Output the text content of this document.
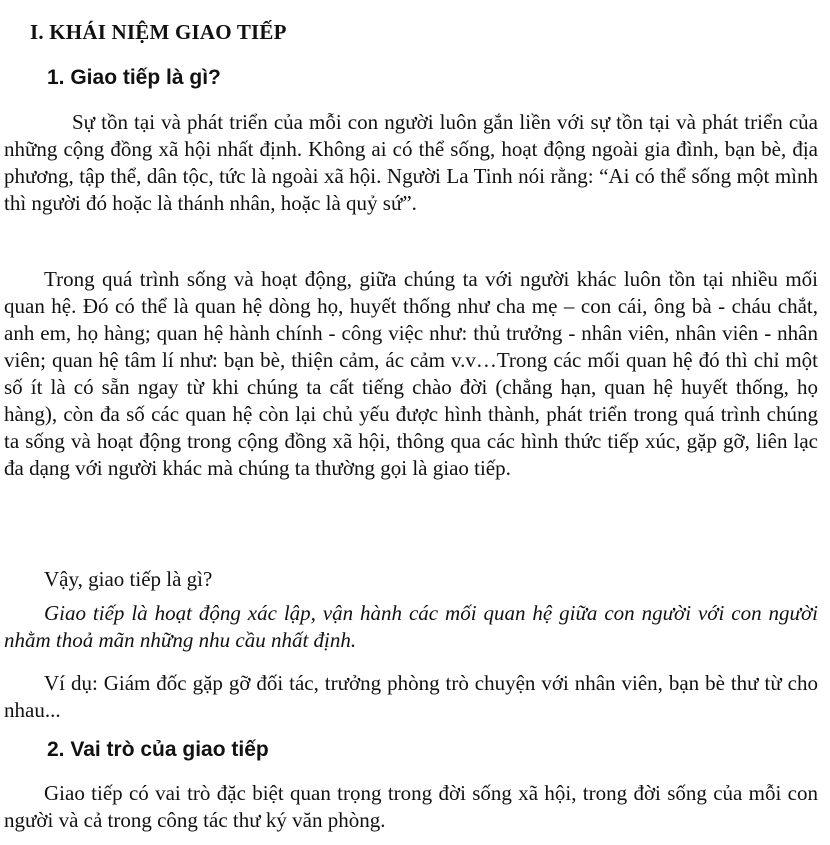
I. KHÁI NIỆM GIAO TIẾP
1. Giao tiếp là gì?
Sự tồn tại và phát triển của mỗi con người luôn gắn liền với sự tồn tại và phát triển của những cộng đồng xã hội nhất định. Không ai có thể sống, hoạt động ngoài gia đình, bạn bè, địa phương, tập thể, dân tộc, tức là ngoài xã hội. Người La Tinh nói rằng: “Ai có thể sống một mình thì người đó hoặc là thánh nhân, hoặc là quỷ sứ”.
Trong quá trình sống và hoạt động, giữa chúng ta với người khác luôn tồn tại nhiều mối quan hệ. Đó có thể là quan hệ dòng họ, huyết thống như cha mẹ – con cái, ông bà - cháu chắt, anh em, họ hàng; quan hệ hành chính - công việc như: thủ trưởng - nhân viên, nhân viên - nhân viên; quan hệ tâm lí như: bạn bè, thiện cảm, ác cảm v.v…Trong các mối quan hệ đó thì chỉ một số ít là có sẵn ngay từ khi chúng ta cất tiếng chào đời (chẳng hạn, quan hệ huyết thống, họ hàng), còn đa số các quan hệ còn lại chủ yếu được hình thành, phát triển trong quá trình chúng ta sống và hoạt động trong cộng đồng xã hội, thông qua các hình thức tiếp xúc, gặp gỡ, liên lạc đa dạng với người khác mà chúng ta thường gọi là giao tiếp.
Vậy, giao tiếp là gì?
Giao tiếp là hoạt động xác lập, vận hành các mối quan hệ giữa con người với con người nhằm thoả mãn những nhu cầu nhất định.
Ví dụ: Giám đốc gặp gỡ đối tác, trưởng phòng trò chuyện với nhân viên, bạn bè thư từ cho nhau...
2. Vai trò của giao tiếp
Giao tiếp có vai trò đặc biệt quan trọng trong đời sống xã hội, trong đời sống của mỗi con người và cả trong công tác thư ký văn phòng.
